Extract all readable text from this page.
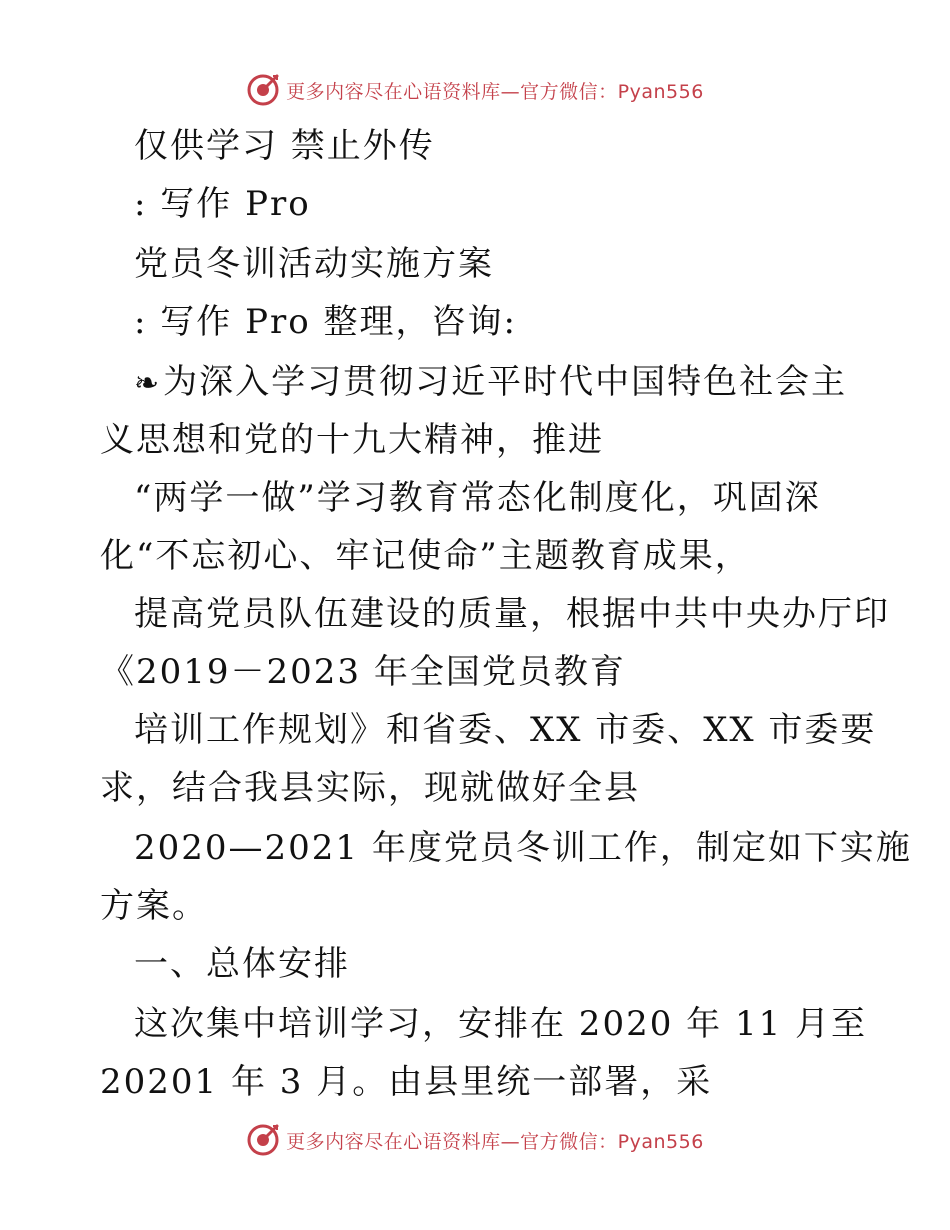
更多内容尽在心语资料库—官方微信：Pyan556
仅供学习 禁止外传
: 写作 Pro
党员冬训活动实施方案
: 写作 Pro 整理，咨询:
❧为深入学习贯彻习近平时代中国特色社会主
义思想和党的十九大精神，推进
“两学一做”学习教育常态化制度化，巩固深
化“不忘初心、牢记使命”主题教育成果，
提高党员队伍建设的质量，根据中共中央办厅印
《2019－2023 年全国党员教育
培训工作规划》和省委、XX 市委、XX 市委要
求，结合我县实际，现就做好全县
2020—2021 年度党员冬训工作，制定如下实施
方案。
一、总体安排
这次集中培训学习，安排在 2020 年 11 月至
20201 年 3 月。由县里统一部署，采
更多内容尽在心语资料库—官方微信：Pyan556
